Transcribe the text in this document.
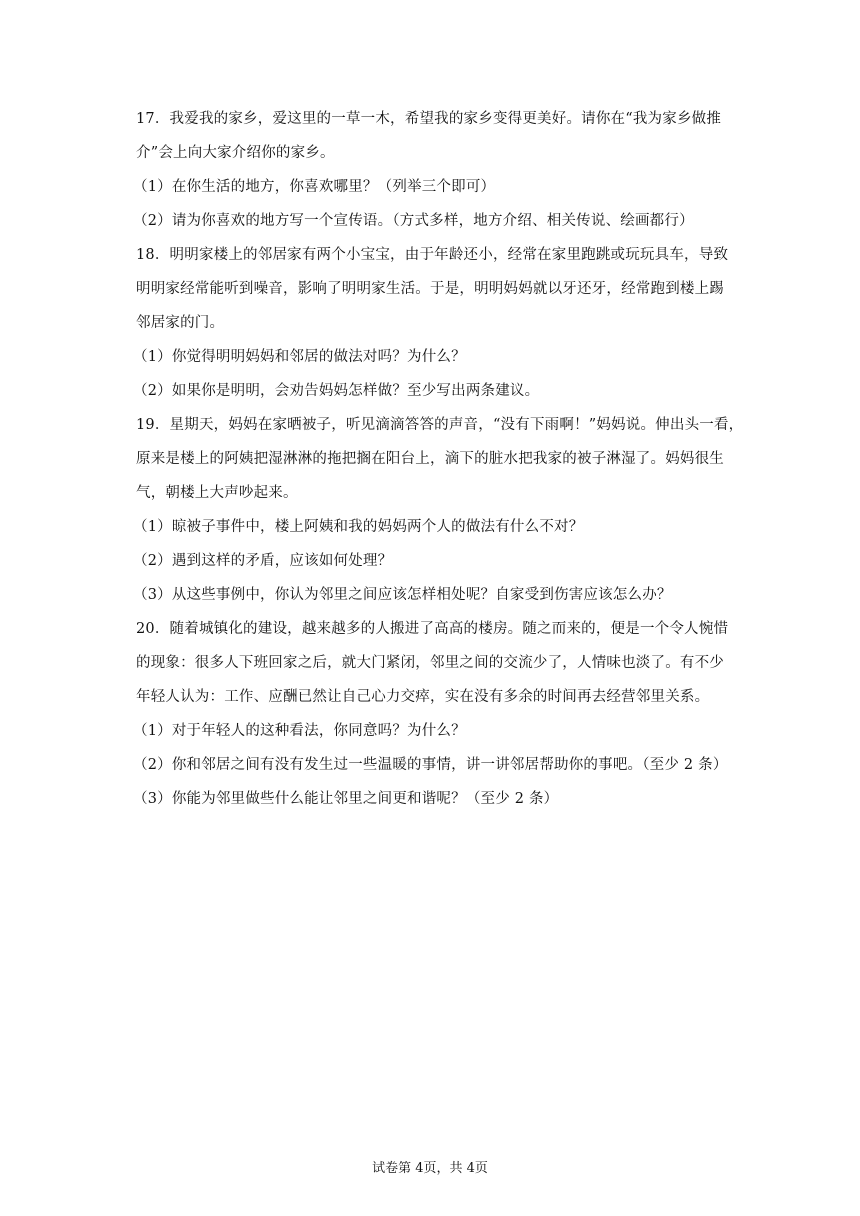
17．我爱我的家乡，爱这里的一草一木，希望我的家乡变得更美好。请你在“我为家乡做推

介”会上向大家介绍你的家乡。

（1）在你生活的地方，你喜欢哪里？（列举三个即可）

（2）请为你喜欢的地方写一个宣传语。（方式多样，地方介绍、相关传说、绘画都行）

18．明明家楼上的邻居家有两个小宝宝，由于年龄还小，经常在家里跑跳或玩玩具车，导致

明明家经常能听到噪音，影响了明明家生活。于是，明明妈妈就以牙还牙，经常跑到楼上踢

邻居家的门。

（1）你觉得明明妈妈和邻居的做法对吗？为什么？

（2）如果你是明明，会劝告妈妈怎样做？至少写出两条建议。

19．星期天，妈妈在家晒被子，听见滴滴答答的声音，“没有下雨啊！”妈妈说。伸出头一看，

原来是楼上的阿姨把湿淋淋的拖把搁在阳台上，滴下的脏水把我家的被子淋湿了。妈妈很生

气，朝楼上大声吵起来。

（1）晾被子事件中，楼上阿姨和我的妈妈两个人的做法有什么不对？

（2）遇到这样的矛盾，应该如何处理？

（3）从这些事例中，你认为邻里之间应该怎样相处呢？自家受到伤害应该怎么办？

20．随着城镇化的建设，越来越多的人搬进了高高的楼房。随之而来的，便是一个令人惋惜

的现象：很多人下班回家之后，就大门紧闭，邻里之间的交流少了，人情味也淡了。有不少

年轻人认为：工作、应酬已然让自己心力交瘁，实在没有多余的时间再去经营邻里关系。

（1）对于年轻人的这种看法，你同意吗？为什么？

（2）你和邻居之间有没有发生过一些温暖的事情，讲一讲邻居帮助你的事吧。（至少 2 条）

（3）你能为邻里做些什么能让邻里之间更和谐呢？（至少 2 条）

试卷第 4页，共 4页
